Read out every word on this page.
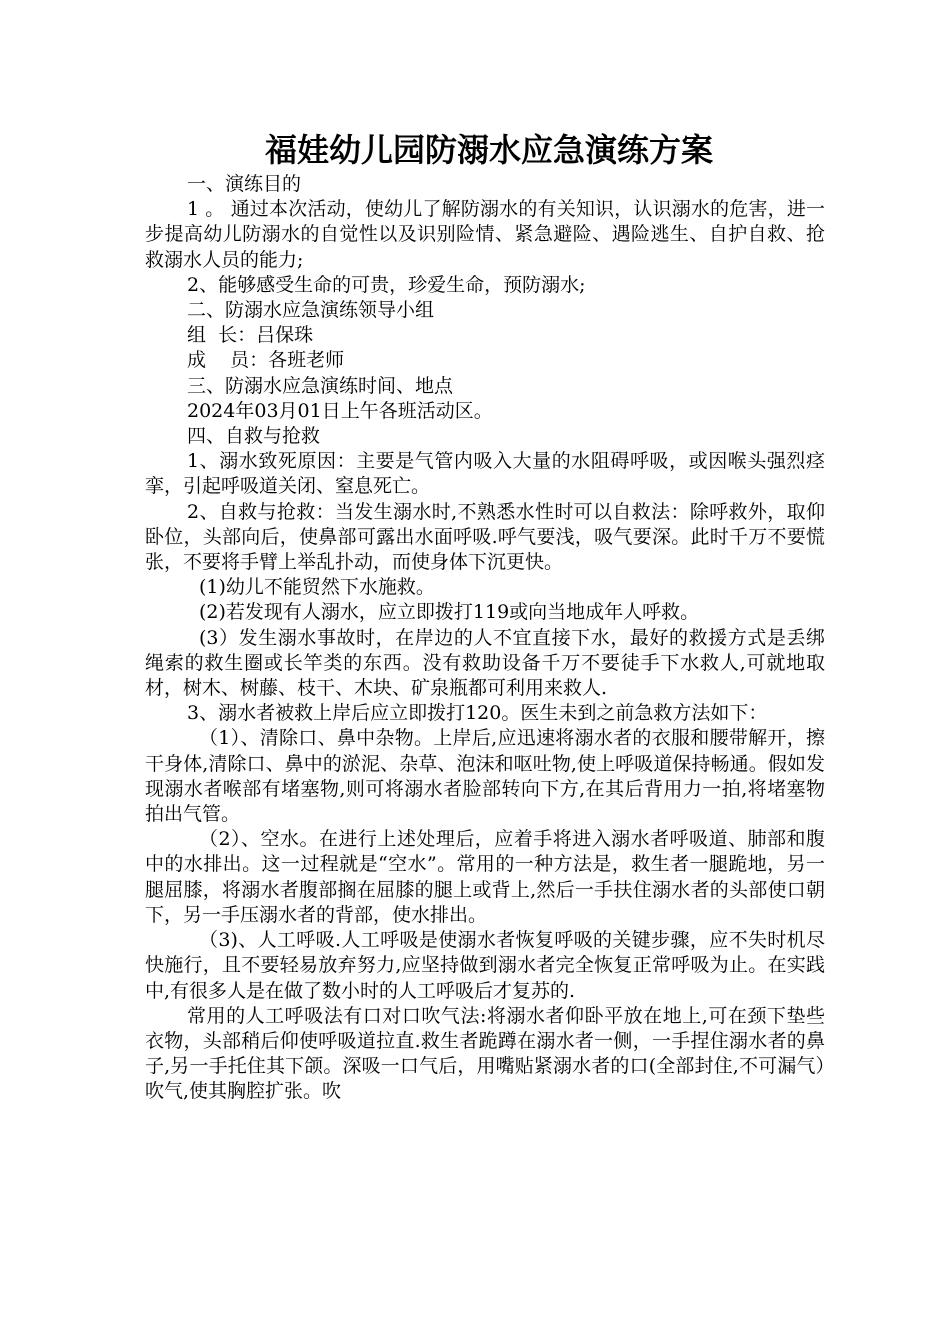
福娃幼儿园防溺水应急演练方案

一、演练目的

1 。 通过本次活动，使幼儿了解防溺水的有关知识，认识溺水的危害，进一步提高幼儿防溺水的自觉性以及识别险情、紧急避险、遇险逃生、自护自救、抢救溺水人员的能力;

2、能够感受生命的可贵，珍爱生命，预防溺水;

二、防溺水应急演练领导小组

组  长：吕保珠

成    员：各班老师

三、防溺水应急演练时间、地点

2024年03月01日上午各班活动区。

四、自救与抢救

1、溺水致死原因：主要是气管内吸入大量的水阻碍呼吸，或因喉头强烈痉挛，引起呼吸道关闭、窒息死亡。

2、自救与抢救：当发生溺水时,不熟悉水性时可以自救法：除呼救外，取仰卧位，头部向后，使鼻部可露出水面呼吸.呼气要浅，吸气要深。此时千万不要慌张，不要将手臂上举乱扑动，而使身体下沉更快。

(1)幼儿不能贸然下水施救。

(2)若发现有人溺水，应立即拨打119或向当地成年人呼救。

(3）发生溺水事故时，在岸边的人不宜直接下水，最好的救援方式是丢绑绳索的救生圈或长竿类的东西。没有救助设备千万不要徒手下水救人,可就地取材，树木、树藤、枝干、木块、矿泉瓶都可利用来救人.

3、溺水者被救上岸后应立即拨打120。医生未到之前急救方法如下：

（1）、清除口、鼻中杂物。上岸后,应迅速将溺水者的衣服和腰带解开，擦干身体,清除口、鼻中的淤泥、杂草、泡沫和呕吐物,使上呼吸道保持畅通。假如发现溺水者喉部有堵塞物,则可将溺水者脸部转向下方,在其后背用力一拍,将堵塞物拍出气管。

（2）、空水。在进行上述处理后，应着手将进入溺水者呼吸道、肺部和腹中的水排出。这一过程就是“空水”。常用的一种方法是，救生者一腿跪地，另一腿屈膝，将溺水者腹部搁在屈膝的腿上或背上,然后一手扶住溺水者的头部使口朝下，另一手压溺水者的背部，使水排出。

（3)、人工呼吸.人工呼吸是使溺水者恢复呼吸的关键步骤，应不失时机尽快施行，且不要轻易放弃努力,应坚持做到溺水者完全恢复正常呼吸为止。在实践中,有很多人是在做了数小时的人工呼吸后才复苏的.

常用的人工呼吸法有口对口吹气法:将溺水者仰卧平放在地上,可在颈下垫些衣物，头部稍后仰使呼吸道拉直.救生者跪蹲在溺水者一侧，一手捏住溺水者的鼻子,另一手托住其下颌。深吸一口气后，用嘴贴紧溺水者的口(全部封住,不可漏气）吹气,使其胸腔扩张。吹
